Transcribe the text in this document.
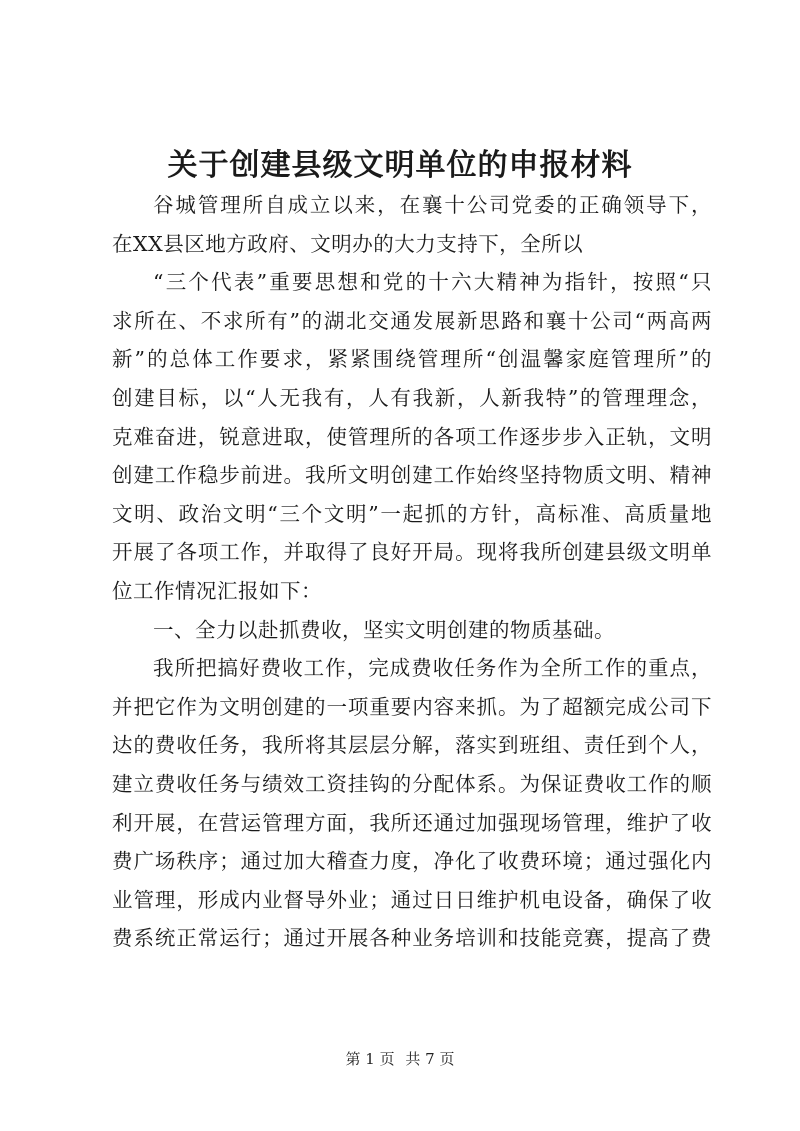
关于创建县级文明单位的申报材料
谷城管理所自成立以来，在襄十公司党委的正确领导下，
在XX县区地方政府、文明办的大力支持下，全所以
“三个代表”重要思想和党的十六大精神为指针，按照“只
求所在、不求所有”的湖北交通发展新思路和襄十公司“两高两
新”的总体工作要求，紧紧围绕管理所“创温馨家庭管理所”的
创建目标，以“人无我有，人有我新，人新我特”的管理理念，
克难奋进，锐意进取，使管理所的各项工作逐步步入正轨，文明
创建工作稳步前进。我所文明创建工作始终坚持物质文明、精神
文明、政治文明“三个文明”一起抓的方针，高标准、高质量地
开展了各项工作，并取得了良好开局。现将我所创建县级文明单
位工作情况汇报如下：
一、全力以赴抓费收，坚实文明创建的物质基础。
我所把搞好费收工作，完成费收任务作为全所工作的重点，
并把它作为文明创建的一项重要内容来抓。为了超额完成公司下
达的费收任务，我所将其层层分解，落实到班组、责任到个人，
建立费收任务与绩效工资挂钩的分配体系。为保证费收工作的顺
利开展，在营运管理方面，我所还通过加强现场管理，维护了收
费广场秩序；通过加大稽查力度，净化了收费环境；通过强化内
业管理，形成内业督导外业；通过日日维护机电设备，确保了收
费系统正常运行；通过开展各种业务培训和技能竞赛，提高了费
第 1 页 共 7 页
